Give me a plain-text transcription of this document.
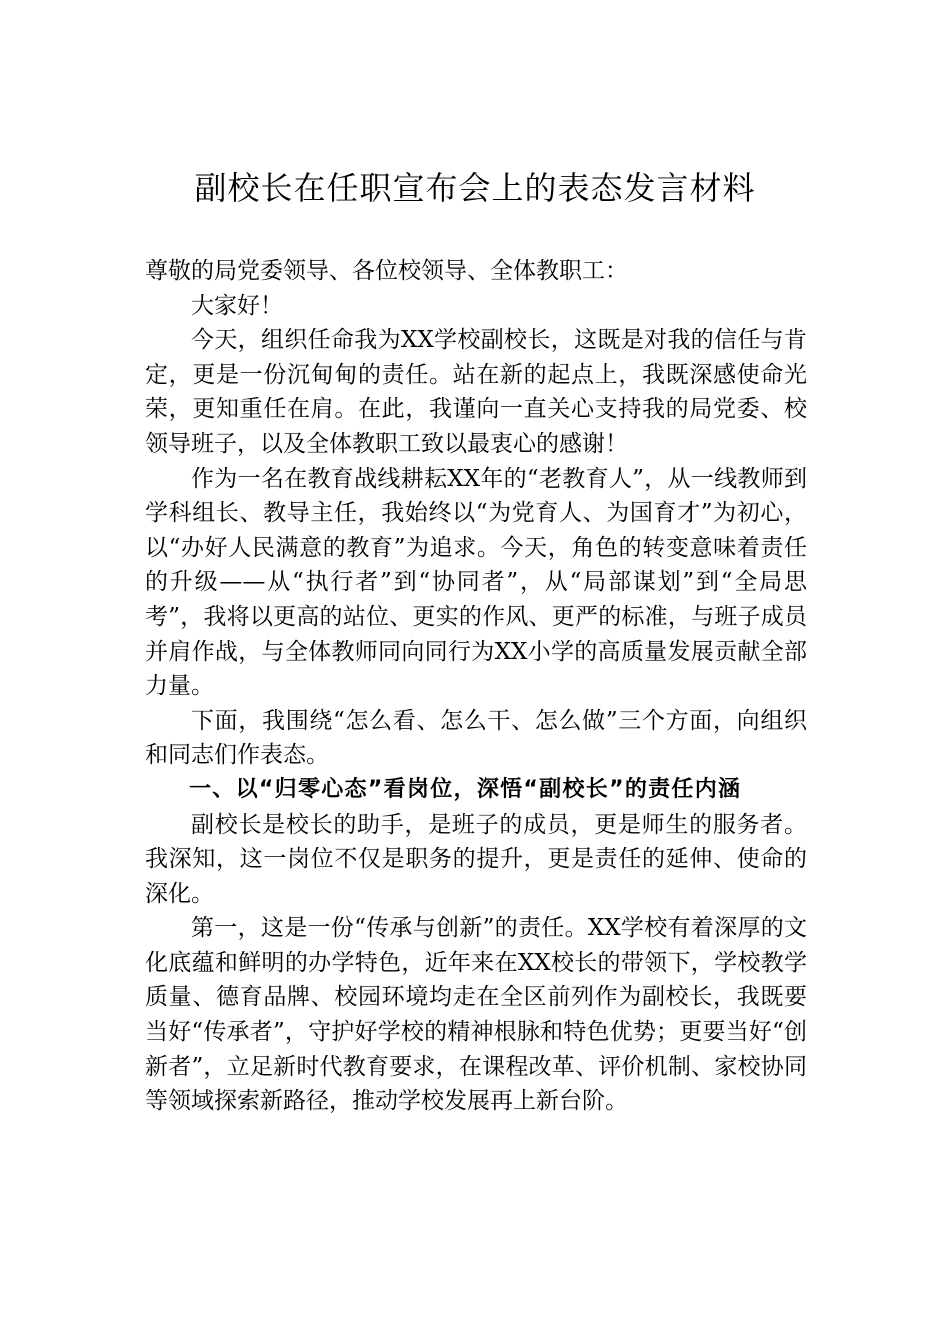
副校长在任职宣布会上的表态发言材料

尊敬的局党委领导、各位校领导、全体教职工：

大家好！

今天，组织任命我为XX学校副校长，这既是对我的信任与肯定，更是一份沉甸甸的责任。站在新的起点上，我既深感使命光荣，更知重任在肩。在此，我谨向一直关心支持我的局党委、校领导班子，以及全体教职工致以最衷心的感谢！

作为一名在教育战线耕耘XX年的“老教育人”，从一线教师到学科组长、教导主任，我始终以“为党育人、为国育才”为初心，以“办好人民满意的教育”为追求。今天，角色的转变意味着责任的升级——从“执行者”到“协同者”，从“局部谋划”到“全局思考”，我将以更高的站位、更实的作风、更严的标准，与班子成员并肩作战，与全体教师同向同行为XX小学的高质量发展贡献全部力量。

下面，我围绕“怎么看、怎么干、怎么做”三个方面，向组织和同志们作表态。

一、以“归零心态”看岗位，深悟“副校长”的责任内涵

副校长是校长的助手，是班子的成员，更是师生的服务者。我深知，这一岗位不仅是职务的提升，更是责任的延伸、使命的深化。

第一，这是一份“传承与创新”的责任。XX学校有着深厚的文化底蕴和鲜明的办学特色，近年来在XX校长的带领下，学校教学质量、德育品牌、校园环境均走在全区前列作为副校长，我既要当好“传承者”，守护好学校的精神根脉和特色优势；更要当好“创新者”，立足新时代教育要求，在课程改革、评价机制、家校协同等领域探索新路径，推动学校发展再上新台阶。
